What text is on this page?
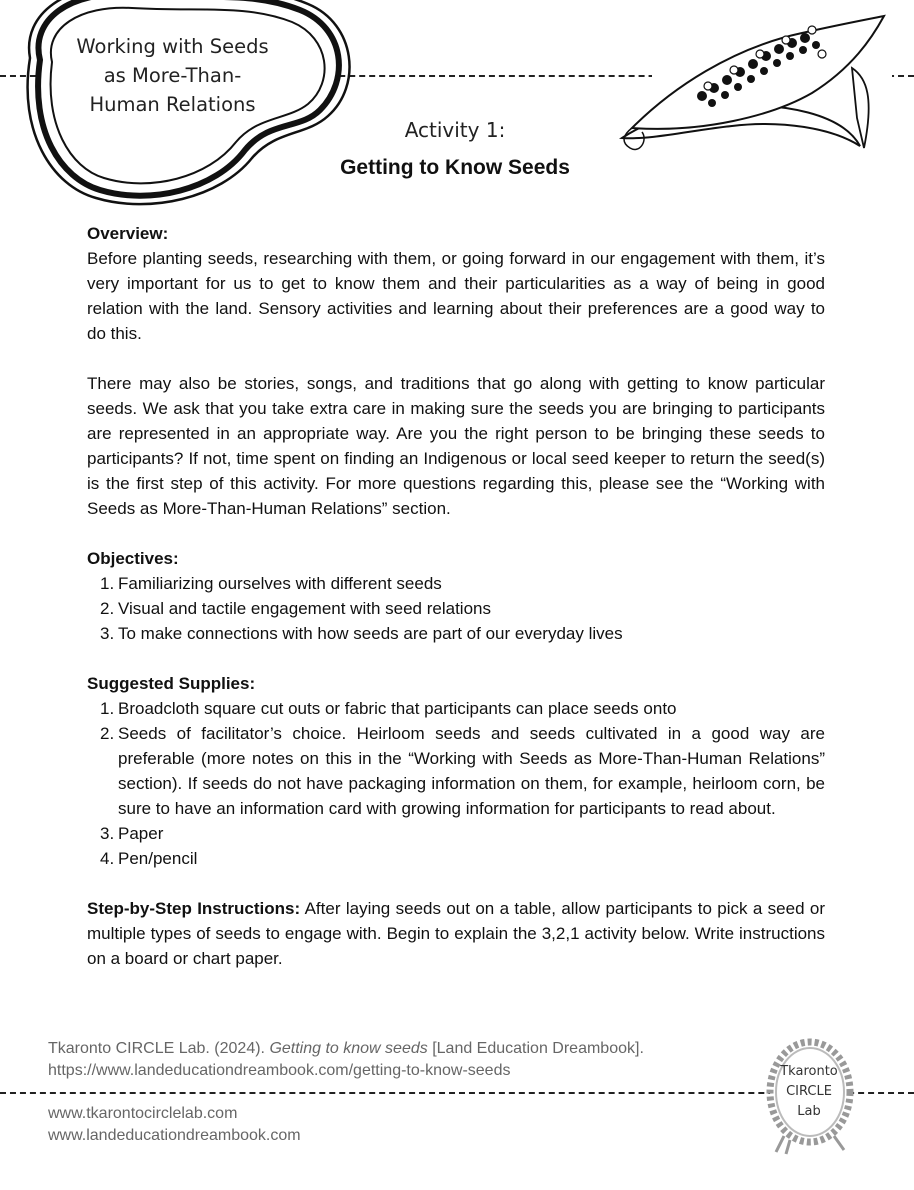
Working with Seeds
as More-Than-
Human Relations
Activity 1:
Getting to Know Seeds
Overview:

Before planting seeds, researching with them, or going forward in our engagement with them, it’s very important for us to get to know them and their particularities as a way of being in good relation with the land. Sensory activities and learning about their preferences are a good way to do this.

There may also be stories, songs, and traditions that go along with getting to know particular seeds. We ask that you take extra care in making sure the seeds you are bringing to participants are represented in an appropriate way. Are you the right person to be bringing these seeds to participants? If not, time spent on finding an Indigenous or local seed keeper to return the seed(s) is the first step of this activity. For more questions regarding this, please see the “Working with Seeds as More-Than-Human Relations” section.

Objectives:
1. Familiarizing ourselves with different seeds
2. Visual and tactile engagement with seed relations
3. To make connections with how seeds are part of our everyday lives
Suggested Supplies:
1. Broadcloth square cut outs or fabric that participants can place seeds onto
2. Seeds of facilitator’s choice. Heirloom seeds and seeds cultivated in a good way are preferable (more notes on this in the “Working with Seeds as More-Than-Human Relations” section). If seeds do not have packaging information on them, for example, heirloom corn, be sure to have an information card with growing information for participants to read about.
3. Paper
4. Pen/pencil

Step-by-Step Instructions: After laying seeds out on a table, allow participants to pick a seed or multiple types of seeds to engage with. Begin to explain the 3,2,1 activity below. Write instructions on a board or chart paper.

Tkaronto CIRCLE Lab. (2024). Getting to know seeds [Land Education Dreambook].
https://www.landeducationdreambook.com/getting-to-know-seeds
www.tkarontocirclelab.com
www.landeducationdreambook.com
Tkaronto
CIRCLE
Lab
